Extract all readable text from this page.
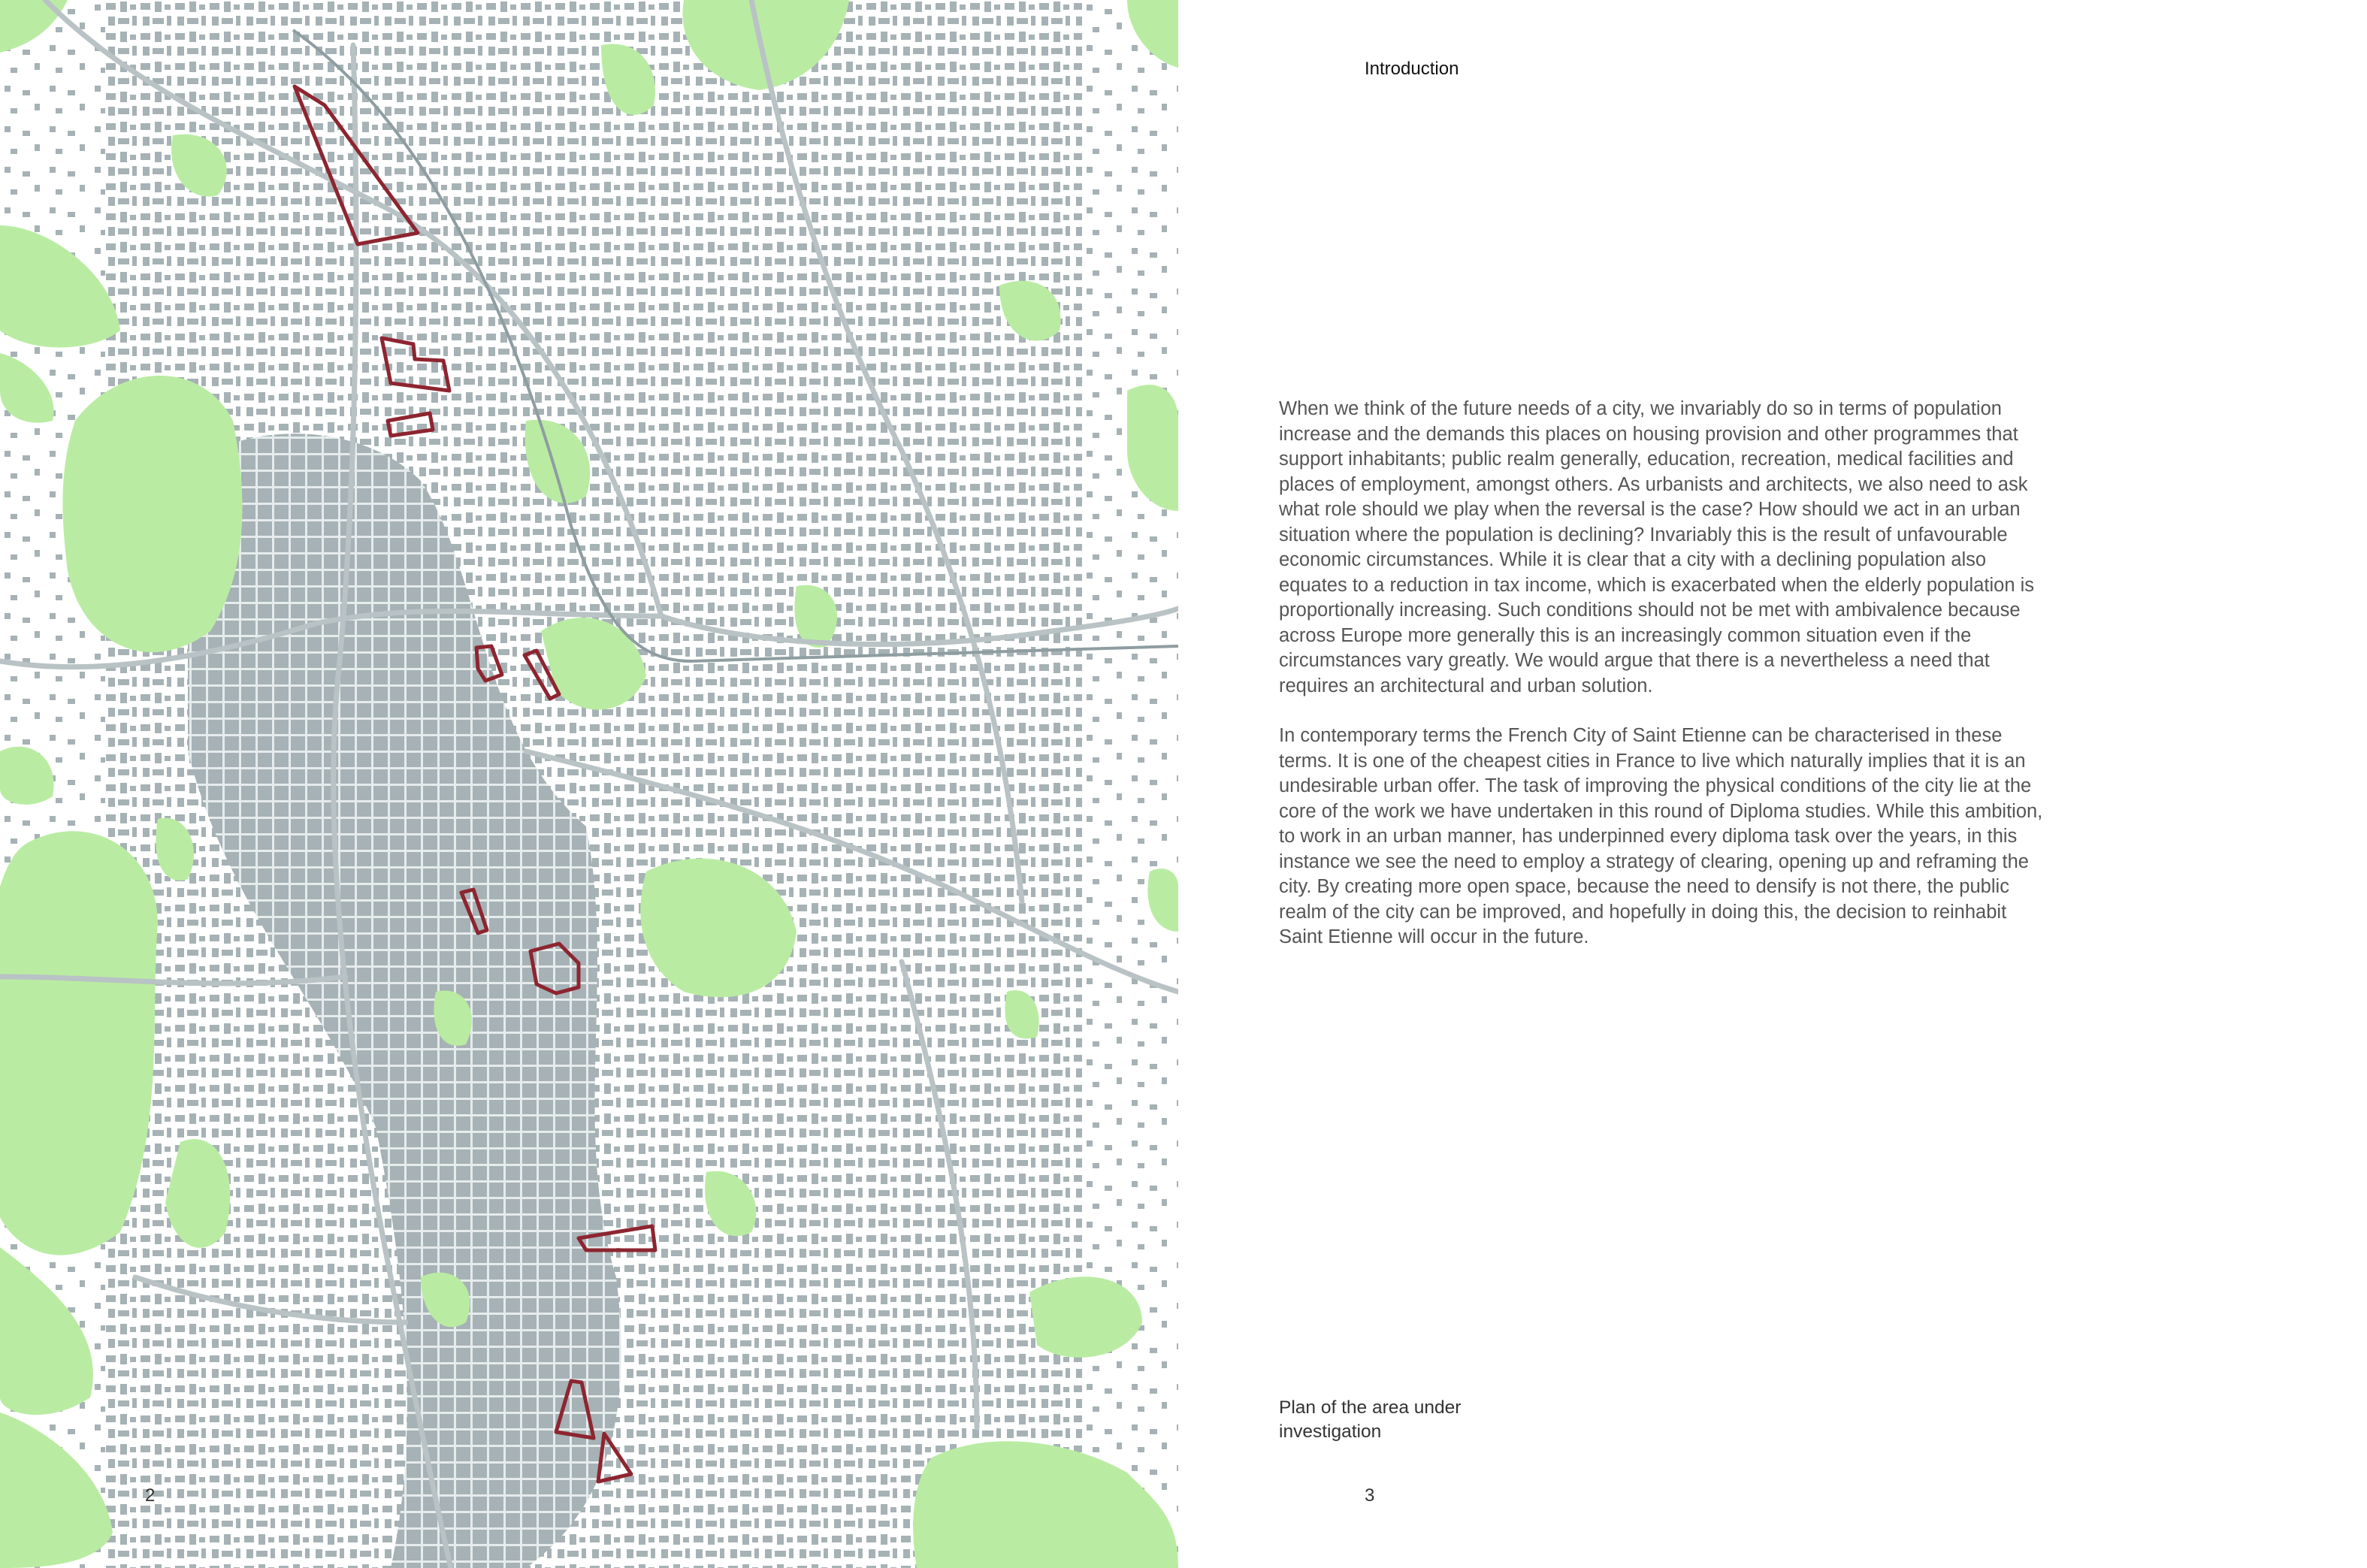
2
Introduction

When we think of the future needs of a city, we invariably do so in terms of population increase and the demands this places on housing provision and other programmes that support inhabitants; public realm generally, education, recreation, medical facilities and places of employment, amongst others. As urbanists and architects, we also need to ask what role should we play when the reversal is the case? How should we act in an urban situation where the population is declining? Invariably this is the result of unfavourable economic circumstances. While it is clear that a city with a declining population also equates to a reduction in tax income, which is exacerbated when the elderly population is proportionally increasing. Such conditions should not be met with ambivalence because across Europe more generally this is an increasingly common situation even if the circumstances vary greatly. We would argue that there is a nevertheless a need that requires an architectural and urban solution.

In contemporary terms the French City of Saint Etienne can be characterised in these terms. It is one of the cheapest cities in France to live which naturally implies that it is an undesirable urban offer. The task of improving the physical conditions of the city lie at the core of the work we have undertaken in this round of Diploma studies. While this ambition, to work in an urban manner, has underpinned every diploma task over the years, in this instance we see the need to employ a strategy of clearing, opening up and reframing the city. By creating more open space, because the need to densify is not there, the public realm of the city can be improved, and hopefully in doing this, the decision to reinhabit Saint Etienne will occur in the future.

Plan of the area under investigation
3
